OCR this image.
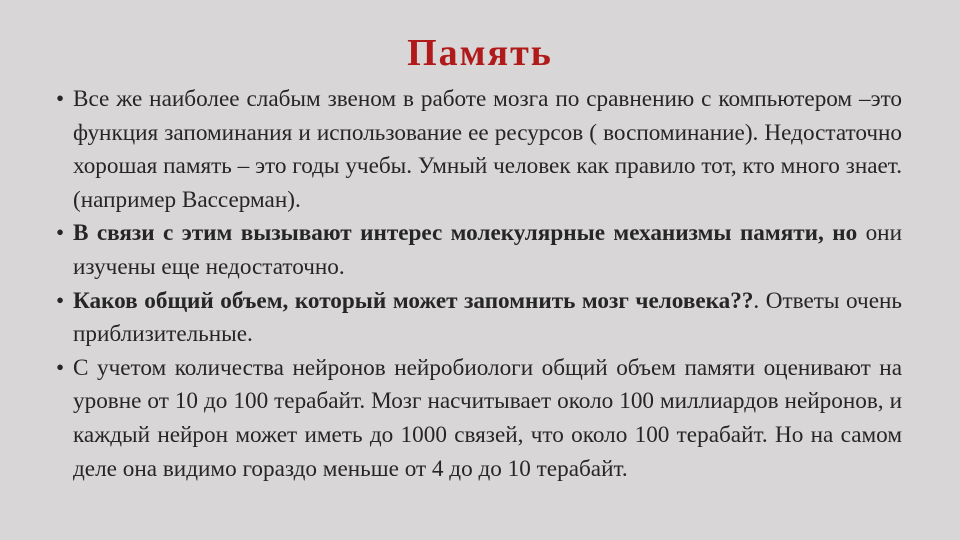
Память

• Все же наиболее слабым звеном в работе мозга по сравнению с компьютером –это функция запоминания и использование ее ресурсов ( воспоминание). Недостаточно хорошая память – это годы учебы. Умный человек как правило тот, кто много знает. (например Вассерман).

• В связи с этим вызывают интерес молекулярные механизмы памяти, но они изучены еще недостаточно.

• Каков общий объем, который может запомнить мозг человека??. Ответы очень приблизительные.

• С учетом количества нейронов нейробиологи общий объем памяти оценивают на уровне от 10 до 100 терабайт. Мозг насчитывает около 100 миллиардов нейронов, и каждый нейрон может иметь до 1000 связей, что около 100 терабайт. Но на самом деле она видимо гораздо меньше от 4 до до 10 терабайт.
